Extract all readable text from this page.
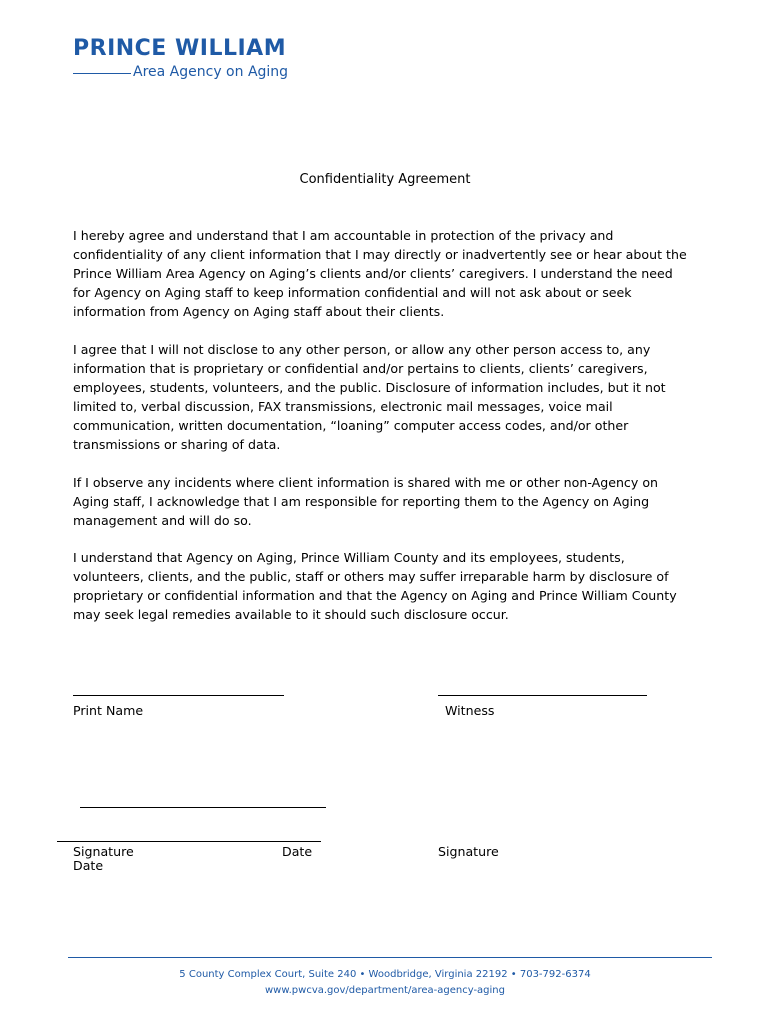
PRINCE WILLIAM
Area Agency on Aging
Confidentiality Agreement

I hereby agree and understand that I am accountable in protection of the privacy and confidentiality of any client information that I may directly or inadvertently see or hear about the Prince William Area Agency on Aging’s clients and/or clients’ caregivers. I understand the need for Agency on Aging staff to keep information confidential and will not ask about or seek information from Agency on Aging staff about their clients.

I agree that I will not disclose to any other person, or allow any other person access to, any information that is proprietary or confidential and/or pertains to clients, clients’ caregivers, employees, students, volunteers, and the public. Disclosure of information includes, but it not limited to, verbal discussion, FAX transmissions, electronic mail messages, voice mail communication, written documentation, “loaning” computer access codes, and/or other transmissions or sharing of data.

If I observe any incidents where client information is shared with me or other non-Agency on Aging staff, I acknowledge that I am responsible for reporting them to the Agency on Aging management and will do so.

I understand that Agency on Aging, Prince William County and its employees, students, volunteers, clients, and the public, staff or others may suffer irreparable harm by disclosure of proprietary or confidential information and that the Agency on Aging and Prince William County may seek legal remedies available to it should such disclosure occur.

Print Name	Witness
Signature	Date
Date
Signature
5 County Complex Court, Suite 240 • Woodbridge, Virginia 22192 • 703-792-6374
www.pwcva.gov/department/area-agency-aging
